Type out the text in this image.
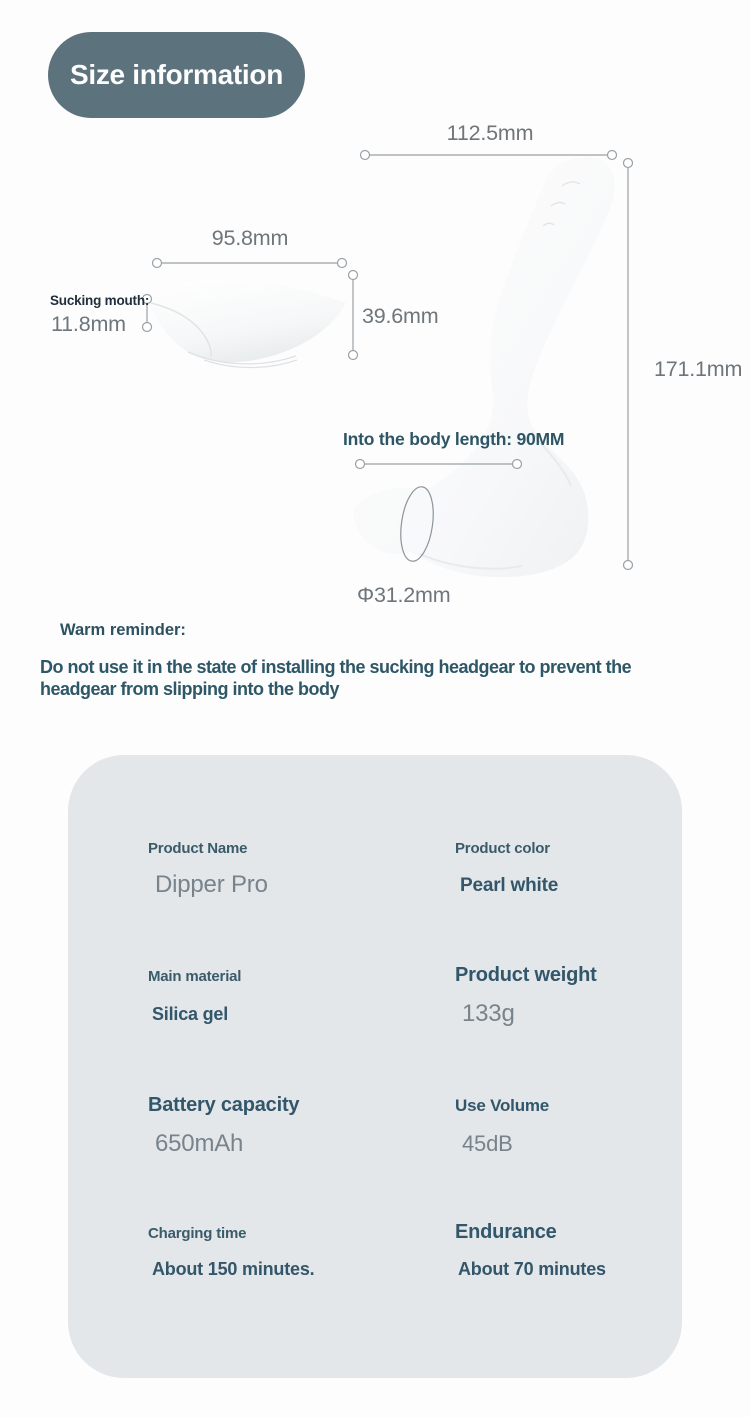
Size information
112.5mm
171.1mm
95.8mm
Sucking mouth:
11.8mm	39.6mm
Into the body length: 90MM
Φ31.2mm
Warm reminder:
Do not use it in the state of installing the sucking headgear to prevent the
headgear from slipping into the body
Product Name
Dipper Pro
Product color
Pearl white
Main material
Silica gel
Product weight
133g
Battery capacity
650mAh
Use Volume
45dB
Charging time
About 150 minutes.
Endurance
About 70 minutes
